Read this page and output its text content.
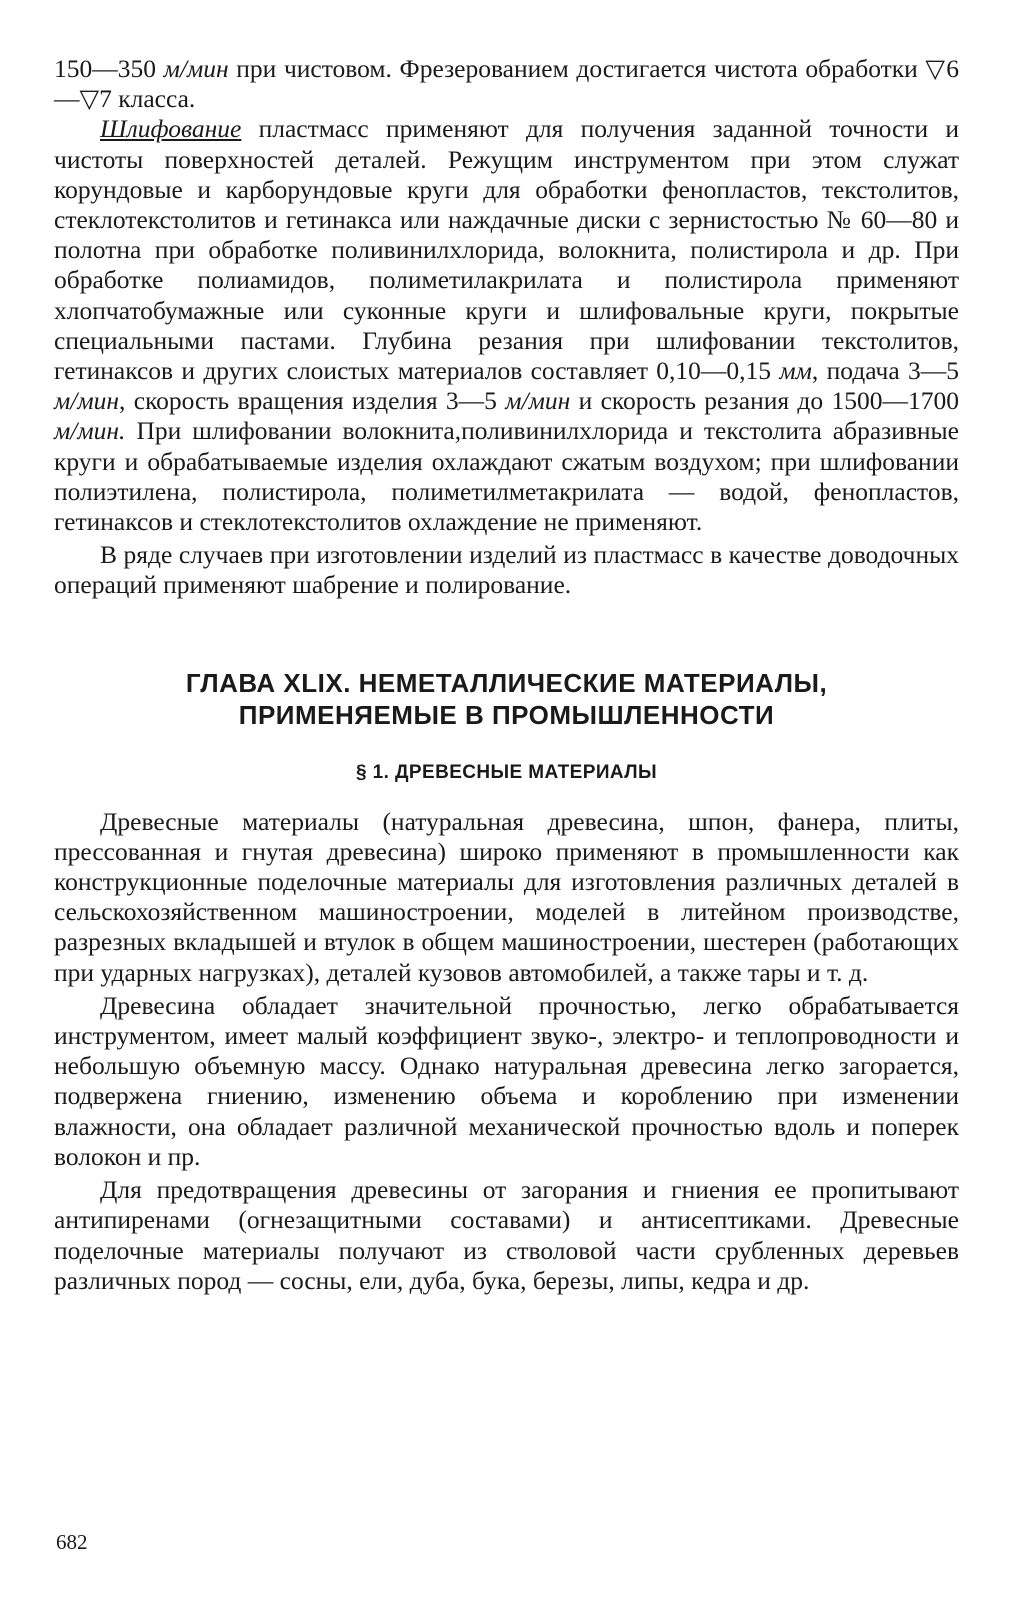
150—350 м/мин при чистовом. Фрезерованием достигается чистота обработки ▽6—▽7 класса.

Шлифование пластмасс применяют для получения заданной точности и чистоты поверхностей деталей. Режущим инструментом при этом служат корундовые и карборундовые круги для обработки фенопластов, текстолитов, стеклотекстолитов и гетинакса или наждачные диски с зернистостью № 60—80 и полотна при обработке поливинилхлорида, волокнита, полистирола и др. При обработке полиамидов, полиметилакрилата и полистирола применяют хлопчатобумажные или суконные круги и шлифовальные круги, покрытые специальными пастами. Глубина резания при шлифовании текстолитов, гетинаксов и других слоистых материалов составляет 0,10—0,15 мм, подача 3—5 м/мин, скорость вращения изделия 3—5 м/мин и скорость резания до 1500—1700 м/мин. При шлифовании волокнита,поливинилхлорида и текстолита абразивные круги и обрабатываемые изделия охлаждают сжатым воздухом; при шлифовании полиэтилена, полистирола, полиметилметакрилата — водой, фенопластов, гетинаксов и стеклотекстолитов охлаждение не применяют.

В ряде случаев при изготовлении изделий из пластмасс в качестве доводочных операций применяют шабрение и полирование.

ГЛАВА XLIX. НЕМЕТАЛЛИЧЕСКИЕ МАТЕРИАЛЫ,
ПРИМЕНЯЕМЫЕ В ПРОМЫШЛЕННОСТИ
§ 1. ДРЕВЕСНЫЕ МАТЕРИАЛЫ

Древесные материалы (натуральная древесина, шпон, фанера, плиты, прессованная и гнутая древесина) широко применяют в промышленности как конструкционные поделочные материалы для изготовления различных деталей в сельскохозяйственном машиностроении, моделей в литейном производстве, разрезных вкладышей и втулок в общем машиностроении, шестерен (работающих при ударных нагрузках), деталей кузовов автомобилей, а также тары и т. д.

Древесина обладает значительной прочностью, легко обрабатывается инструментом, имеет малый коэффициент звуко-, электро- и теплопроводности и небольшую объемную массу. Однако натуральная древесина легко загорается, подвержена гниению, изменению объема и короблению при изменении влажности, она обладает различной механической прочностью вдоль и поперек волокон и пр.

Для предотвращения древесины от загорания и гниения ее пропитывают антипиренами (огнезащитными составами) и антисептиками. Древесные поделочные материалы получают из стволовой части срубленных деревьев различных пород — сосны, ели, дуба, бука, березы, липы, кедра и др.

682
